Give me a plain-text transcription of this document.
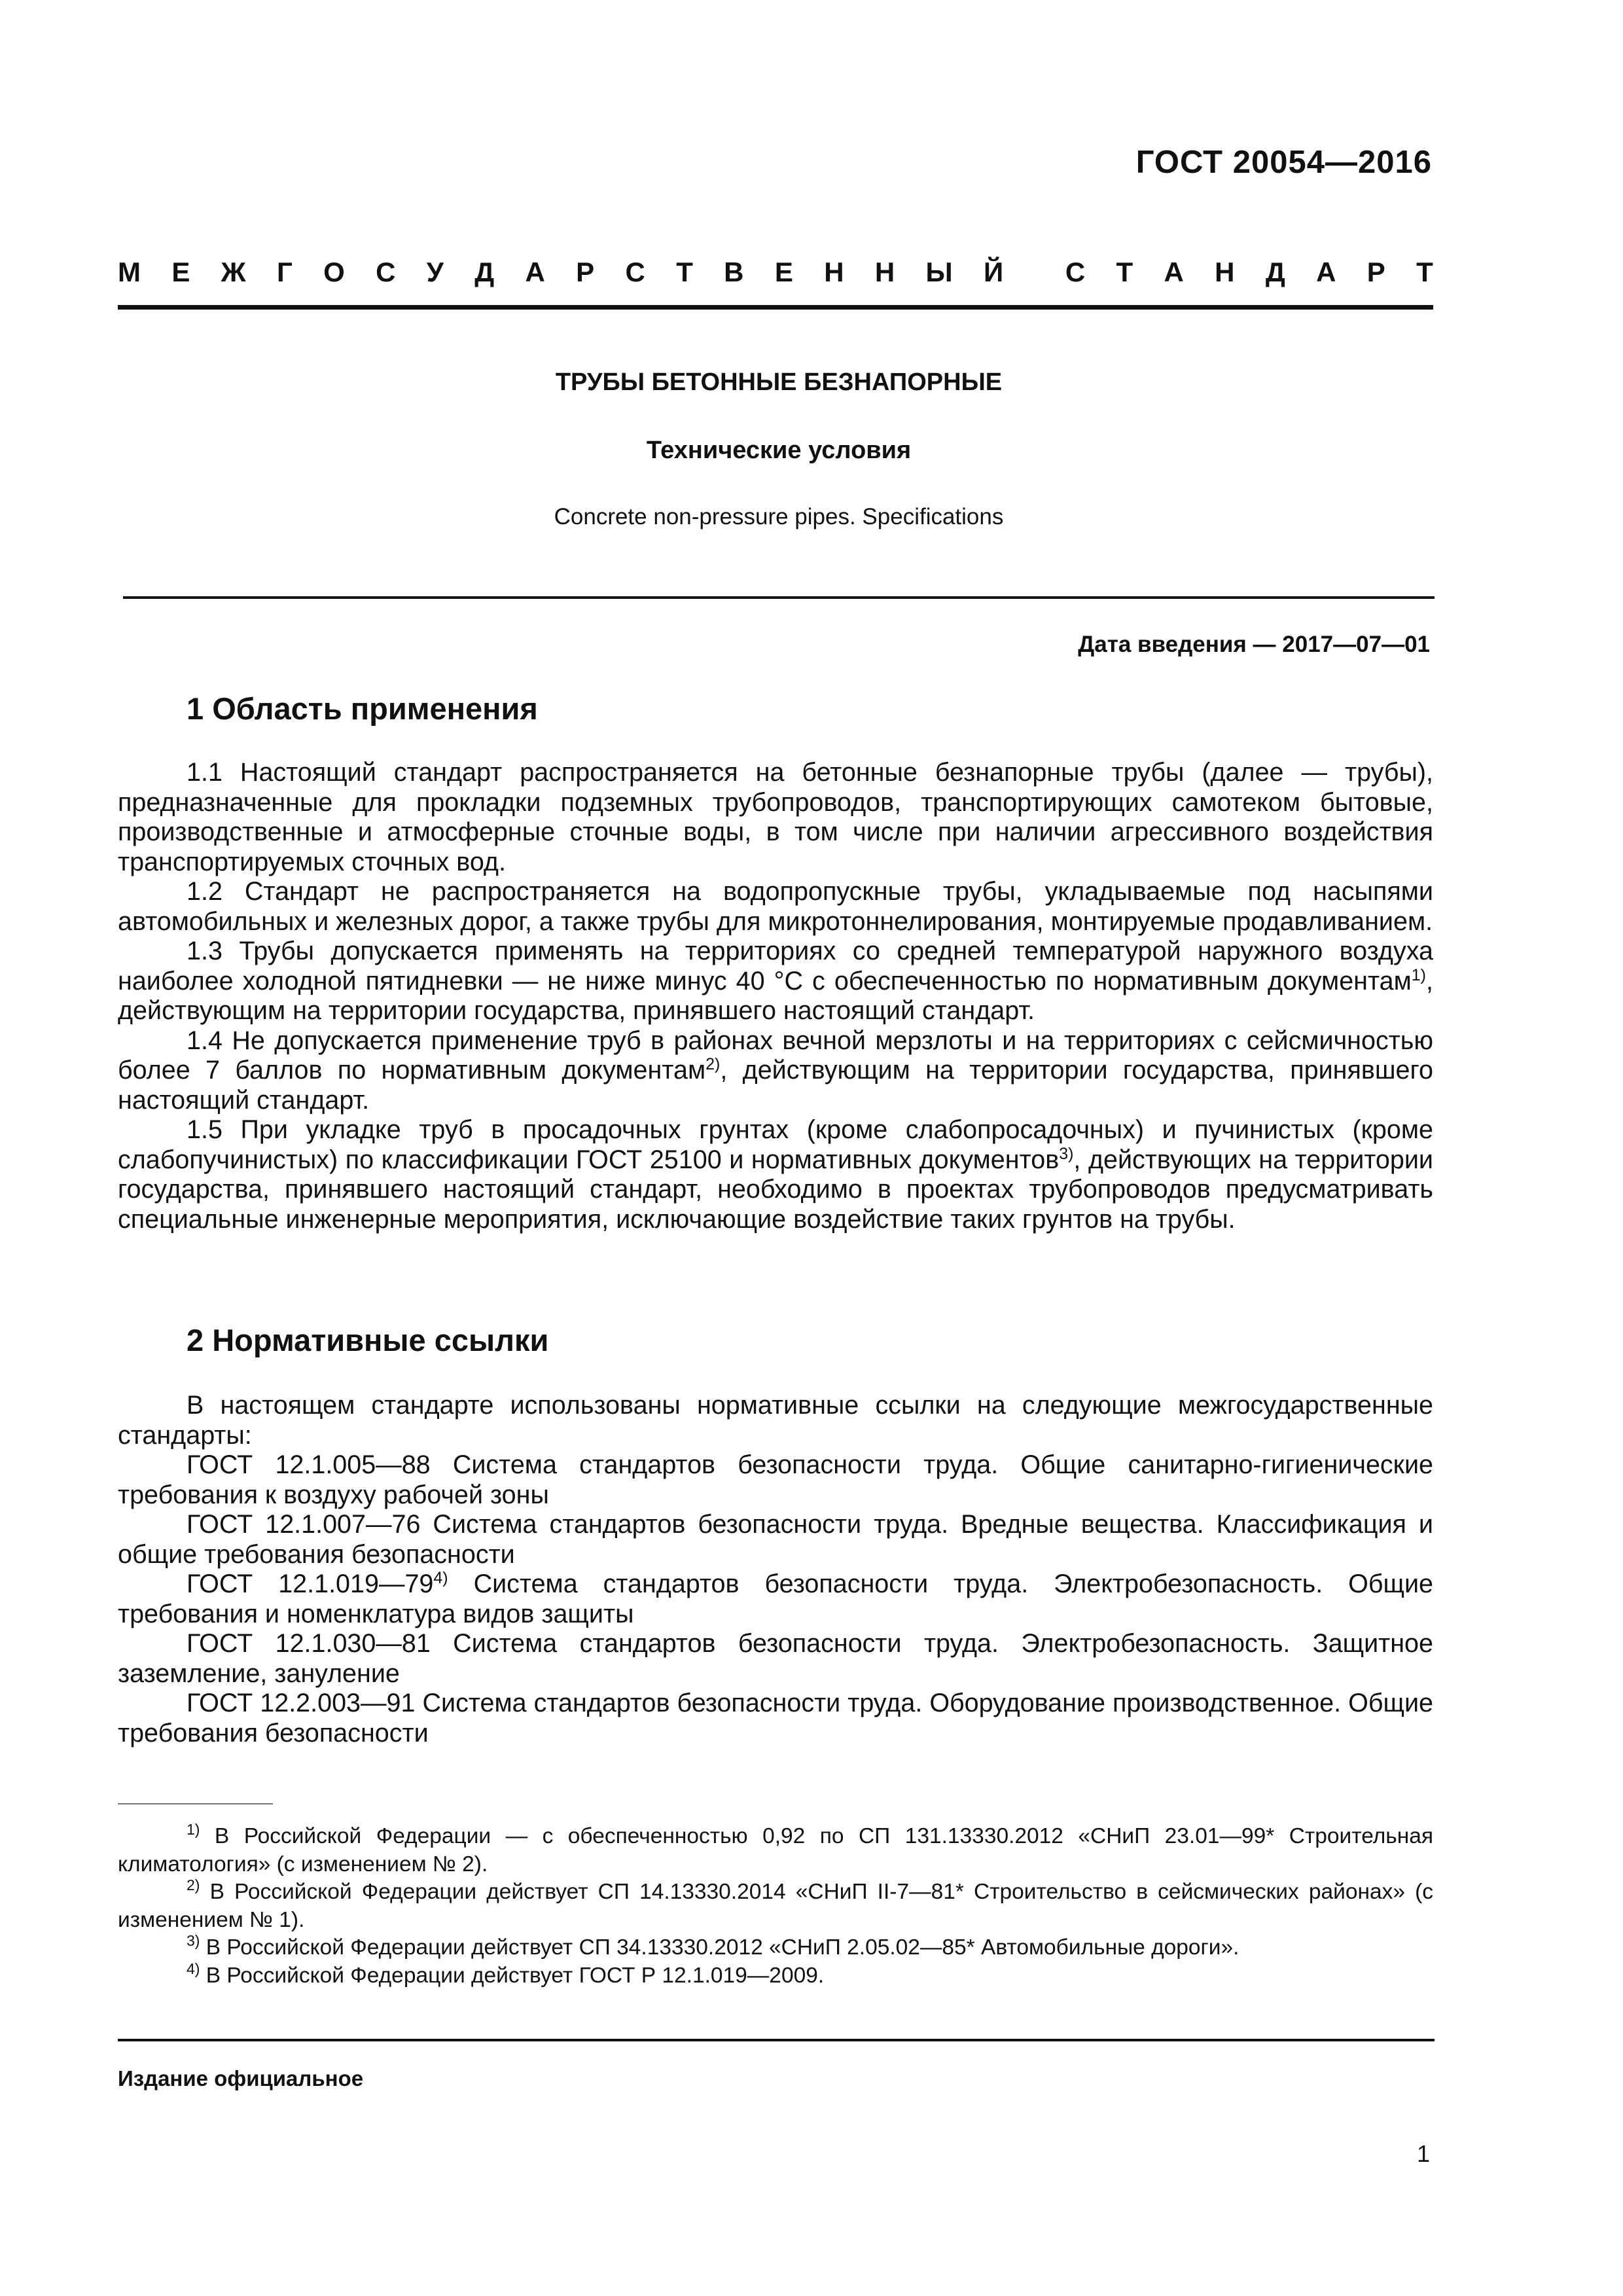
ГОСТ 20054—2016
М Е Ж Г О С У Д А Р С Т В Е Н Н Ы Й С Т А Н Д А Р Т
ТРУБЫ БЕТОННЫЕ БЕЗНАПОРНЫЕ
Технические условия
Concrete non-pressure pipes. Specifications
Дата введения — 2017—07—01
1 Область применения

1.1 Настоящий стандарт распространяется на бетонные безнапорные трубы (далее — трубы), предназначенные для прокладки подземных трубопроводов, транспортирующих самотеком бытовые, производственные и атмосферные сточные воды, в том числе при наличии агрессивного воздействия транспортируемых сточных вод.

1.2 Стандарт не распространяется на водопропускные трубы, укладываемые под насыпями автомобильных и железных дорог, а также трубы для микротоннелирования, монтируемые продавливанием.

1.3 Трубы допускается применять на территориях со средней температурой наружного воздуха наиболее холодной пятидневки — не ниже минус 40 °С с обеспеченностью по нормативным документам$^{1)}$, действующим на территории государства, принявшего настоящий стандарт.

1.4 Не допускается применение труб в районах вечной мерзлоты и на территориях с сейсмичностью более 7 баллов по нормативным документам$^{2)}$, действующим на территории государства, принявшего настоящий стандарт.

1.5 При укладке труб в просадочных грунтах (кроме слабопросадочных) и пучинистых (кроме слабопучинистых) по классификации ГОСТ 25100 и нормативных документов$^{3)}$, действующих на территории государства, принявшего настоящий стандарт, необходимо в проектах трубопроводов предусматривать специальные инженерные мероприятия, исключающие воздействие таких грунтов на трубы.

2 Нормативные ссылки

В настоящем стандарте использованы нормативные ссылки на следующие межгосударственные стандарты:

ГОСТ 12.1.005—88 Система стандартов безопасности труда. Общие санитарно-гигиенические требования к воздуху рабочей зоны

ГОСТ 12.1.007—76 Система стандартов безопасности труда. Вредные вещества. Классификация и общие требования безопасности

ГОСТ 12.1.019—79$^{4)}$ Система стандартов безопасности труда. Электробезопасность. Общие требования и номенклатура видов защиты

ГОСТ 12.1.030—81 Система стандартов безопасности труда. Электробезопасность. Защитное заземление, зануление

ГОСТ 12.2.003—91 Система стандартов безопасности труда. Оборудование производственное. Общие требования безопасности

$^{1)}$ В Российской Федерации — с обеспеченностью 0,92 по СП 131.13330.2012 «СНиП 23.01—99* Строительная климатология» (с изменением № 2).

$^{2)}$ В Российской Федерации действует СП 14.13330.2014 «СНиП II-7—81* Строительство в сейсмических районах» (с изменением № 1).

$^{3)}$ В Российской Федерации действует СП 34.13330.2012 «СНиП 2.05.02—85* Автомобильные дороги».

$^{4)}$ В Российской Федерации действует ГОСТ Р 12.1.019—2009.

Издание официальное
1
